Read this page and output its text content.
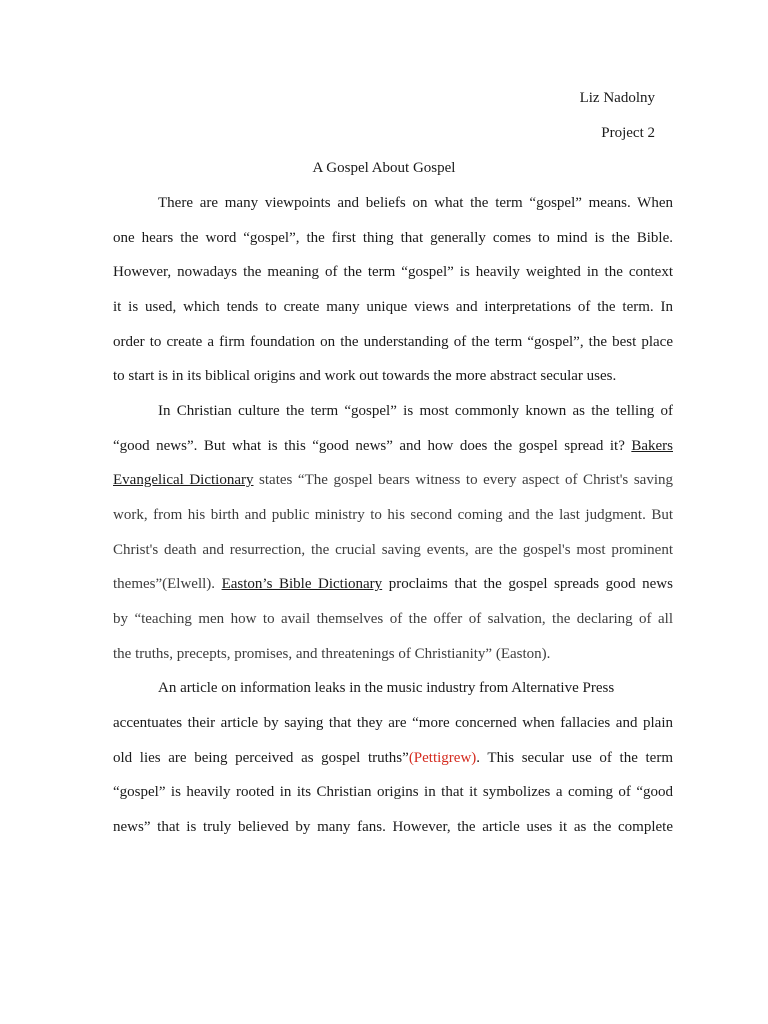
Liz Nadolny
Project 2
A Gospel About Gospel
There are many viewpoints and beliefs on what the term “gospel” means. When
one hears the word “gospel”, the first thing that generally comes to mind is the Bible.
However, nowadays the meaning of the term “gospel” is heavily weighted in the context
it is used, which tends to create many unique views and interpretations of the term. In
order to create a firm foundation on the understanding of the term “gospel”, the best place
to start is in its biblical origins and work out towards the more abstract secular uses.
In Christian culture the term “gospel” is most commonly known as the telling of
“good news”. But what is this “good news” and how does the gospel spread it? Bakers
Evangelical Dictionary states “The gospel bears witness to every aspect of Christ's saving
work, from his birth and public ministry to his second coming and the last judgment. But
Christ's death and resurrection, the crucial saving events, are the gospel's most prominent
themes”(Elwell). Easton’s Bible Dictionary proclaims that the gospel spreads good news
by “teaching men how to avail themselves of the offer of salvation, the declaring of all
the truths, precepts, promises, and threatenings of Christianity” (Easton).
An article on information leaks in the music industry from Alternative Press
accentuates their article by saying that they are “more concerned when fallacies and plain
old lies are being perceived as gospel truths”(Pettigrew). This secular use of the term
“gospel” is heavily rooted in its Christian origins in that it symbolizes a coming of “good
news” that is truly believed by many fans. However, the article uses it as the complete
